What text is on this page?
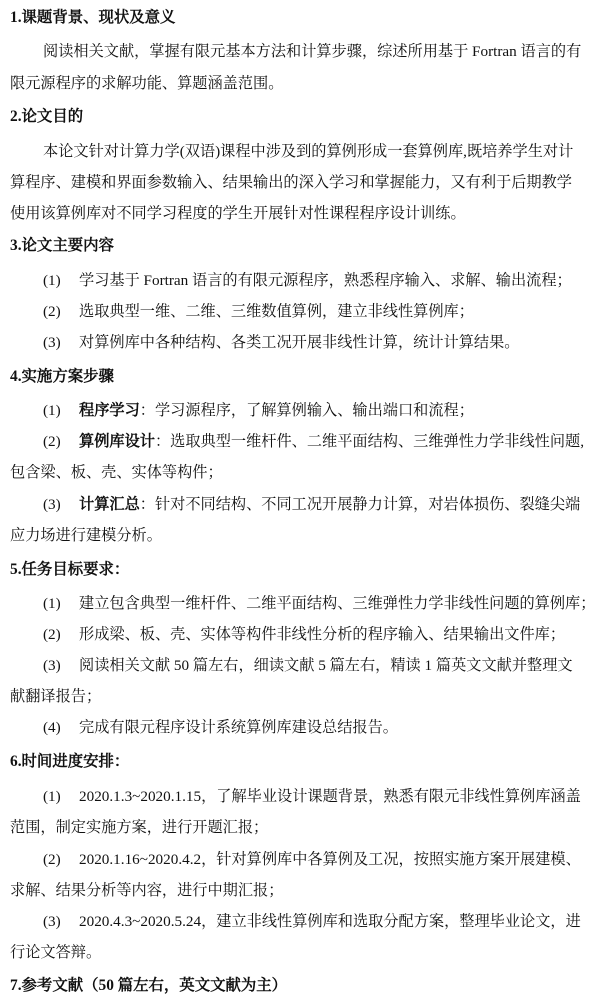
1.课题背景、现状及意义
阅读相关文献，掌握有限元基本方法和计算步骤，综述所用基于 Fortran 语言的有
限元源程序的求解功能、算题涵盖范围。
2.论文目的
本论文针对计算力学(双语)课程中涉及到的算例形成一套算例库,既培养学生对计
算程序、建模和界面参数输入、结果输出的深入学习和掌握能力，又有利于后期教学
使用该算例库对不同学习程度的学生开展针对性课程程序设计训练。
3.论文主要内容
(1) 学习基于 Fortran 语言的有限元源程序，熟悉程序输入、求解、输出流程；
(2) 选取典型一维、二维、三维数值算例，建立非线性算例库；
(3) 对算例库中各种结构、各类工况开展非线性计算，统计计算结果。
4.实施方案步骤
(1) 程序学习：学习源程序，了解算例输入、输出端口和流程；
(2) 算例库设计：选取典型一维杆件、二维平面结构、三维弹性力学非线性问题,
包含梁、板、壳、实体等构件；
(3) 计算汇总：针对不同结构、不同工况开展静力计算，对岩体损伤、裂缝尖端
应力场进行建模分析。
5.任务目标要求：
(1) 建立包含典型一维杆件、二维平面结构、三维弹性力学非线性问题的算例库；
(2) 形成梁、板、壳、实体等构件非线性分析的程序输入、结果输出文件库；
(3) 阅读相关文献 50 篇左右，细读文献 5 篇左右，精读 1 篇英文文献并整理文
献翻译报告；
(4) 完成有限元程序设计系统算例库建设总结报告。
6.时间进度安排：
(1) 2020.1.3~2020.1.15，了解毕业设计课题背景，熟悉有限元非线性算例库涵盖
范围，制定实施方案，进行开题汇报；
(2) 2020.1.16~2020.4.2，针对算例库中各算例及工况，按照实施方案开展建模、
求解、结果分析等内容，进行中期汇报；
(3) 2020.4.3~2020.5.24，建立非线性算例库和选取分配方案，整理毕业论文，进
行论文答辩。
7.参考文献（50 篇左右，英文文献为主）
